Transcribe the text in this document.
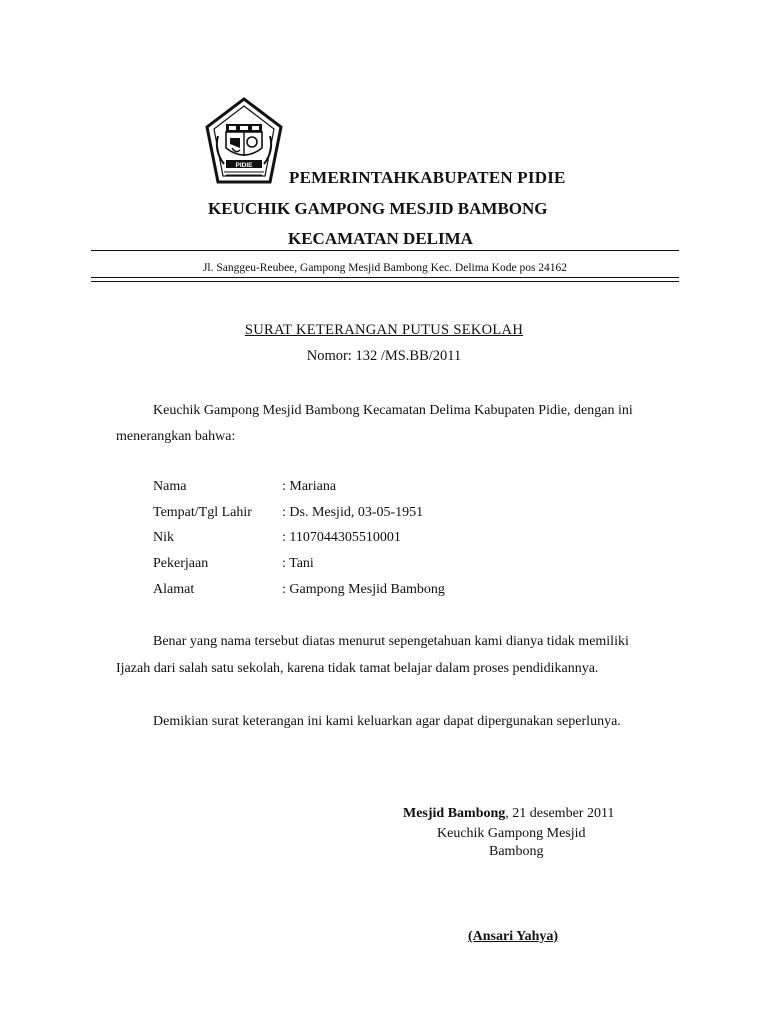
PIDIE
PEMERINTAHKABUPATEN PIDIE
KEUCHIK GAMPONG MESJID BAMBONG
KECAMATAN DELIMA
Jl. Sanggeu-Reubee, Gampong Mesjid Bambong Kec. Delima Kode pos 24162
SURAT KETERANGAN PUTUS SEKOLAH
Nomor: 132 /MS.BB/2011
Keuchik Gampong Mesjid Bambong Kecamatan Delima Kabupaten Pidie, dengan ini
menerangkan bahwa:
Nama	: Mariana
Tempat/Tgl Lahir : Ds. Mesjid, 03-05-1951
Nik	: 1107044305510001
Pekerjaan	: Tani
Alamat	: Gampong Mesjid Bambong
Benar yang nama tersebut diatas menurut sepengetahuan kami dianya tidak memiliki
Ijazah dari salah satu sekolah, karena tidak tamat belajar dalam proses pendidikannya.
Demikian surat keterangan ini kami keluarkan agar dapat dipergunakan seperlunya.
Mesjid Bambong, 21 desember 2011
Keuchik Gampong Mesjid
Bambong
(Ansari Yahya)
